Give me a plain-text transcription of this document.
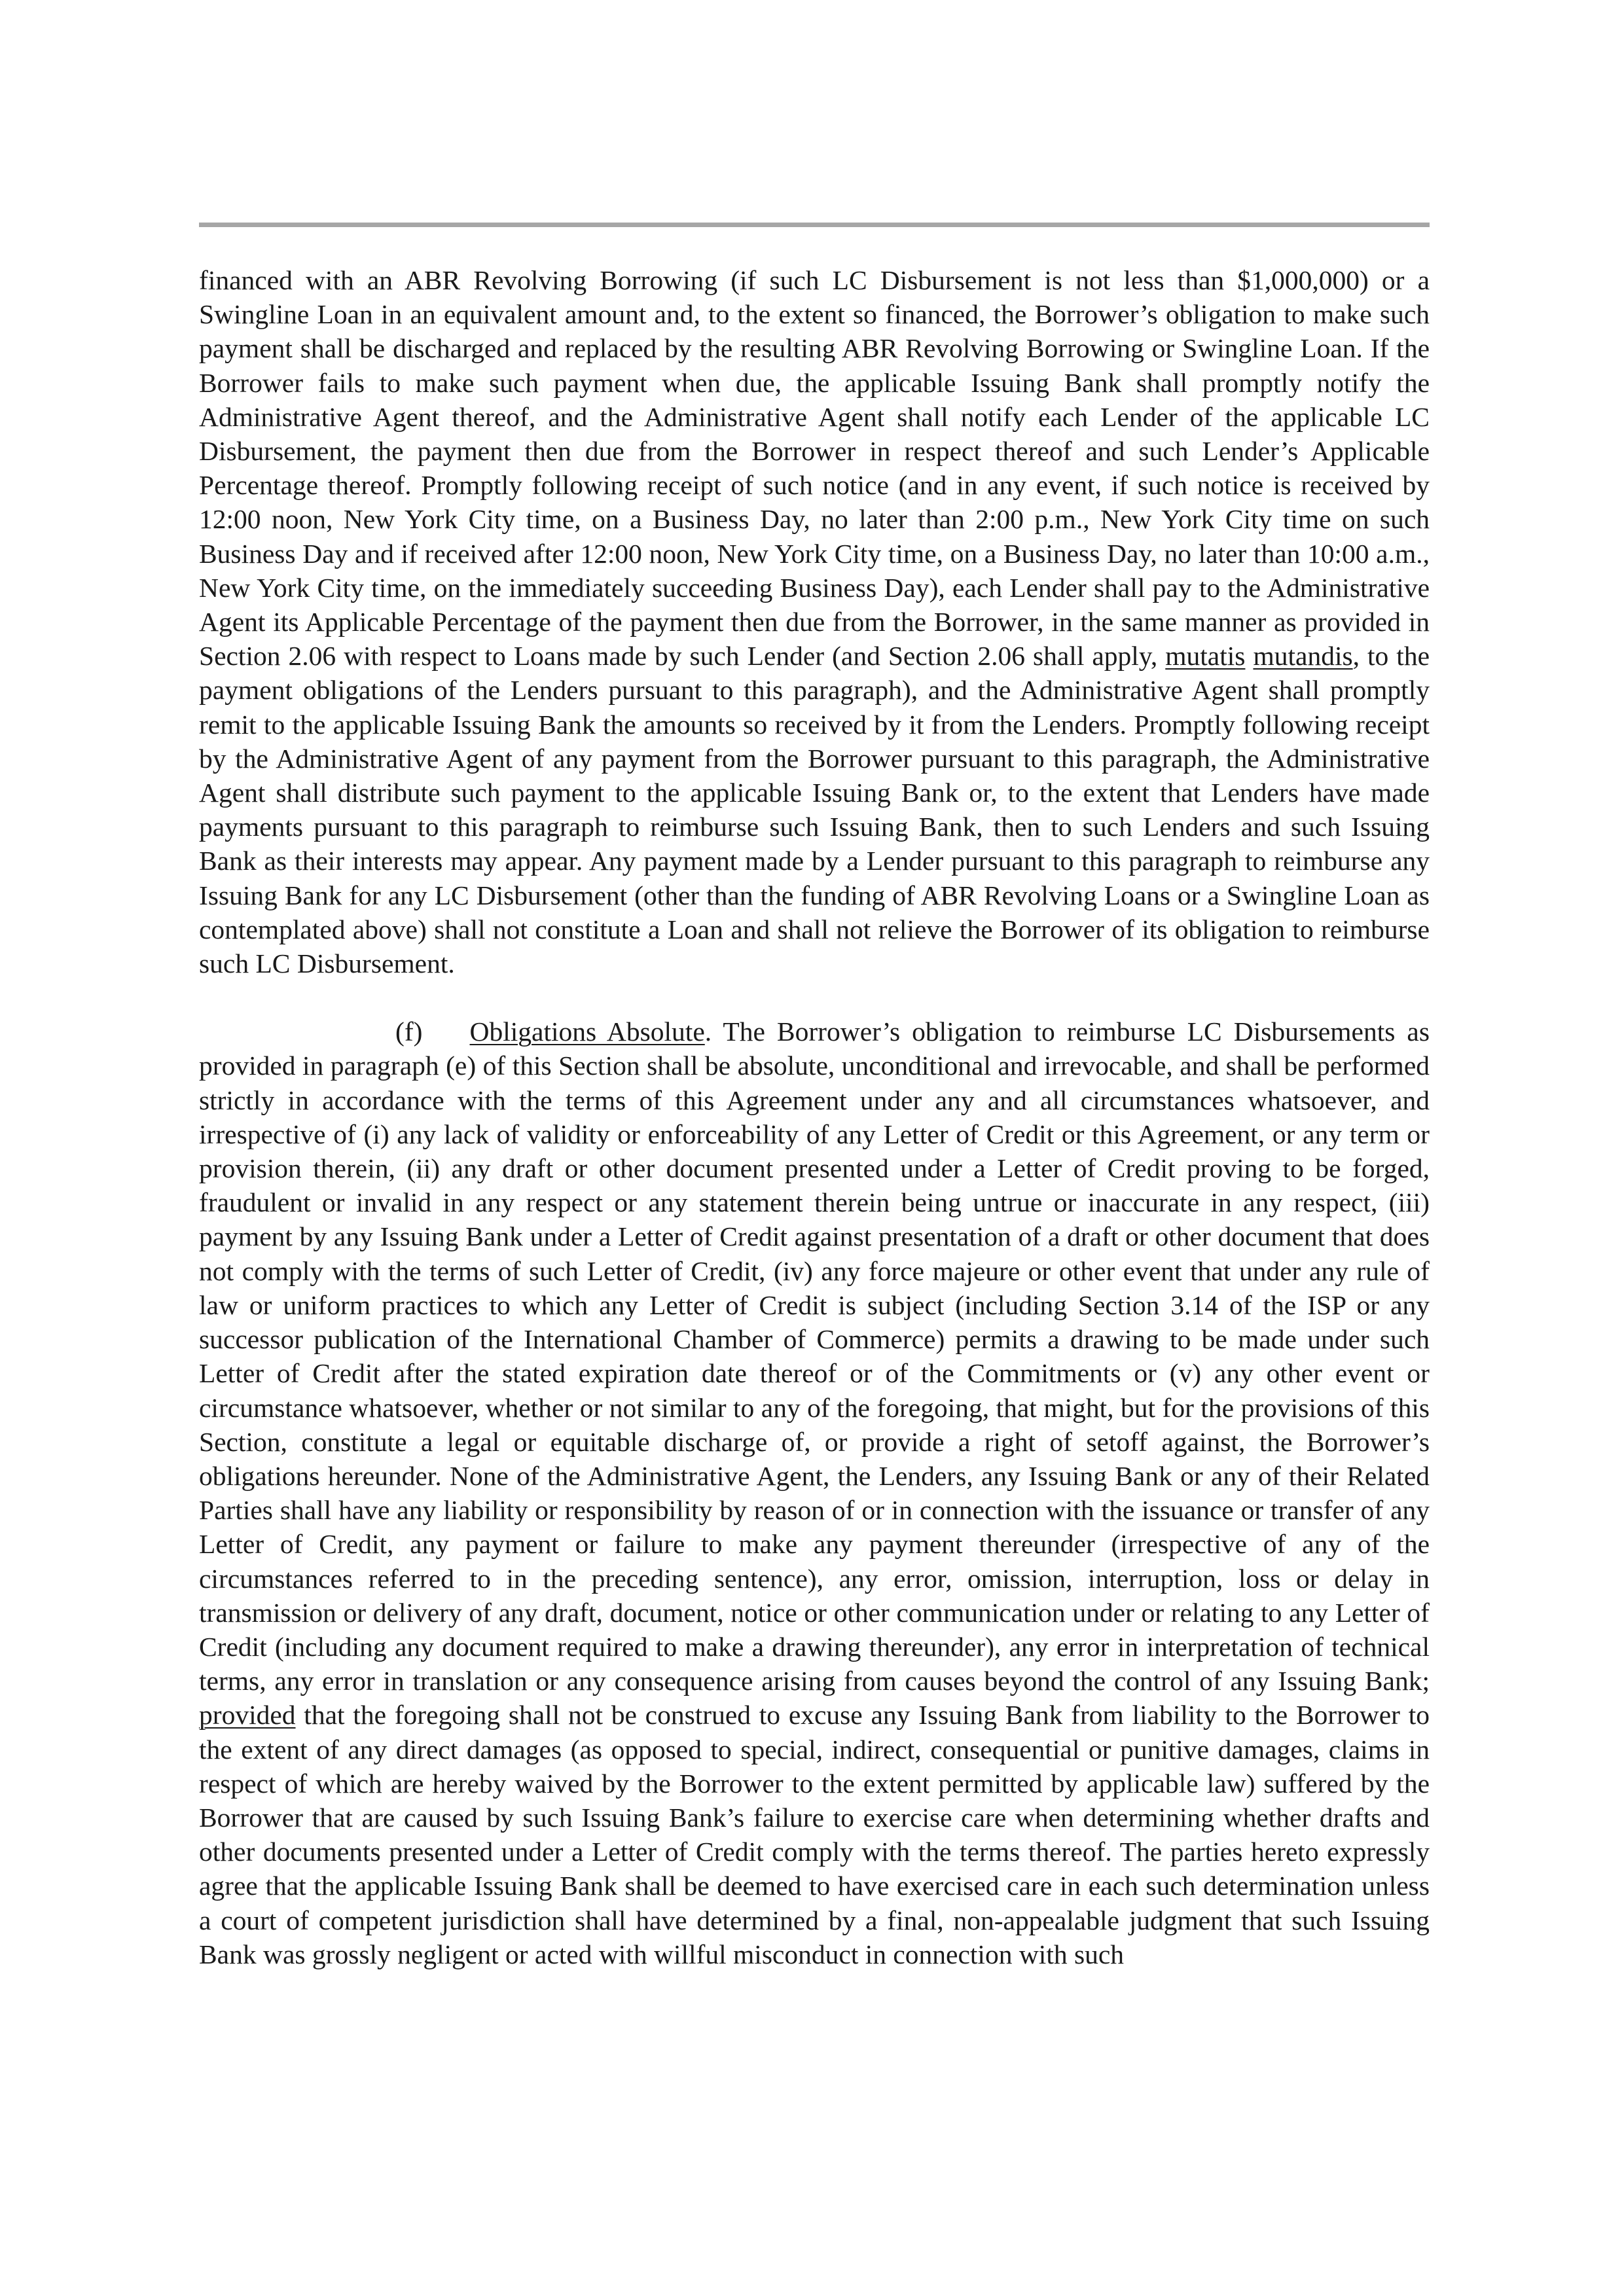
financed with an ABR Revolving Borrowing (if such LC Disbursement is not less than $1,000,000) or a Swingline Loan in an equivalent amount and, to the extent so financed, the Borrower’s obligation to make such payment shall be discharged and replaced by the resulting ABR Revolving Borrowing or Swingline Loan. If the Borrower fails to make such payment when due, the applicable Issuing Bank shall promptly notify the Administrative Agent thereof, and the Administrative Agent shall notify each Lender of the applicable LC Disbursement, the payment then due from the Borrower in respect thereof and such Lender’s Applicable Percentage thereof. Promptly following receipt of such notice (and in any event, if such notice is received by 12:00 noon, New York City time, on a Business Day, no later than 2:00 p.m., New York City time on such Business Day and if received after 12:00 noon, New York City time, on a Business Day, no later than 10:00 a.m., New York City time, on the immediately succeeding Business Day), each Lender shall pay to the Administrative Agent its Applicable Percentage of the payment then due from the Borrower, in the same manner as provided in Section 2.06 with respect to Loans made by such Lender (and Section 2.06 shall apply, mutatis mutandis, to the payment obligations of the Lenders pursuant to this paragraph), and the Administrative Agent shall promptly remit to the applicable Issuing Bank the amounts so received by it from the Lenders. Promptly following receipt by the Administrative Agent of any payment from the Borrower pursuant to this paragraph, the Administrative Agent shall distribute such payment to the applicable Issuing Bank or, to the extent that Lenders have made payments pursuant to this paragraph to reimburse such Issuing Bank, then to such Lenders and such Issuing Bank as their interests may appear. Any payment made by a Lender pursuant to this paragraph to reimburse any Issuing Bank for any LC Disbursement (other than the funding of ABR Revolving Loans or a Swingline Loan as contemplated above) shall not constitute a Loan and shall not relieve the Borrower of its obligation to reimburse such LC Disbursement.

(f) Obligations Absolute. The Borrower’s obligation to reimburse LC Disbursements as provided in paragraph (e) of this Section shall be absolute, unconditional and irrevocable, and shall be performed strictly in accordance with the terms of this Agreement under any and all circumstances whatsoever, and irrespective of (i) any lack of validity or enforceability of any Letter of Credit or this Agreement, or any term or provision therein, (ii) any draft or other document presented under a Letter of Credit proving to be forged, fraudulent or invalid in any respect or any statement therein being untrue or inaccurate in any respect, (iii) payment by any Issuing Bank under a Letter of Credit against presentation of a draft or other document that does not comply with the terms of such Letter of Credit, (iv) any force majeure or other event that under any rule of law or uniform practices to which any Letter of Credit is subject (including Section 3.14 of the ISP or any successor publication of the International Chamber of Commerce) permits a drawing to be made under such Letter of Credit after the stated expiration date thereof or of the Commitments or (v) any other event or circumstance whatsoever, whether or not similar to any of the foregoing, that might, but for the provisions of this Section, constitute a legal or equitable discharge of, or provide a right of setoff against, the Borrower’s obligations hereunder. None of the Administrative Agent, the Lenders, any Issuing Bank or any of their Related Parties shall have any liability or responsibility by reason of or in connection with the issuance or transfer of any Letter of Credit, any payment or failure to make any payment thereunder (irrespective of any of the circumstances referred to in the preceding sentence), any error, omission, interruption, loss or delay in transmission or delivery of any draft, document, notice or other communication under or relating to any Letter of Credit (including any document required to make a drawing thereunder), any error in interpretation of technical terms, any error in translation or any consequence arising from causes beyond the control of any Issuing Bank; provided that the foregoing shall not be construed to excuse any Issuing Bank from liability to the Borrower to the extent of any direct damages (as opposed to special, indirect, consequential or punitive damages, claims in respect of which are hereby waived by the Borrower to the extent permitted by applicable law) suffered by the Borrower that are caused by such Issuing Bank’s failure to exercise care when determining whether drafts and other documents presented under a Letter of Credit comply with the terms thereof. The parties hereto expressly agree that the applicable Issuing Bank shall be deemed to have exercised care in each such determination unless a court of competent jurisdiction shall have determined by a final, non-appealable judgment that such Issuing Bank was grossly negligent or acted with willful misconduct in connection with such
